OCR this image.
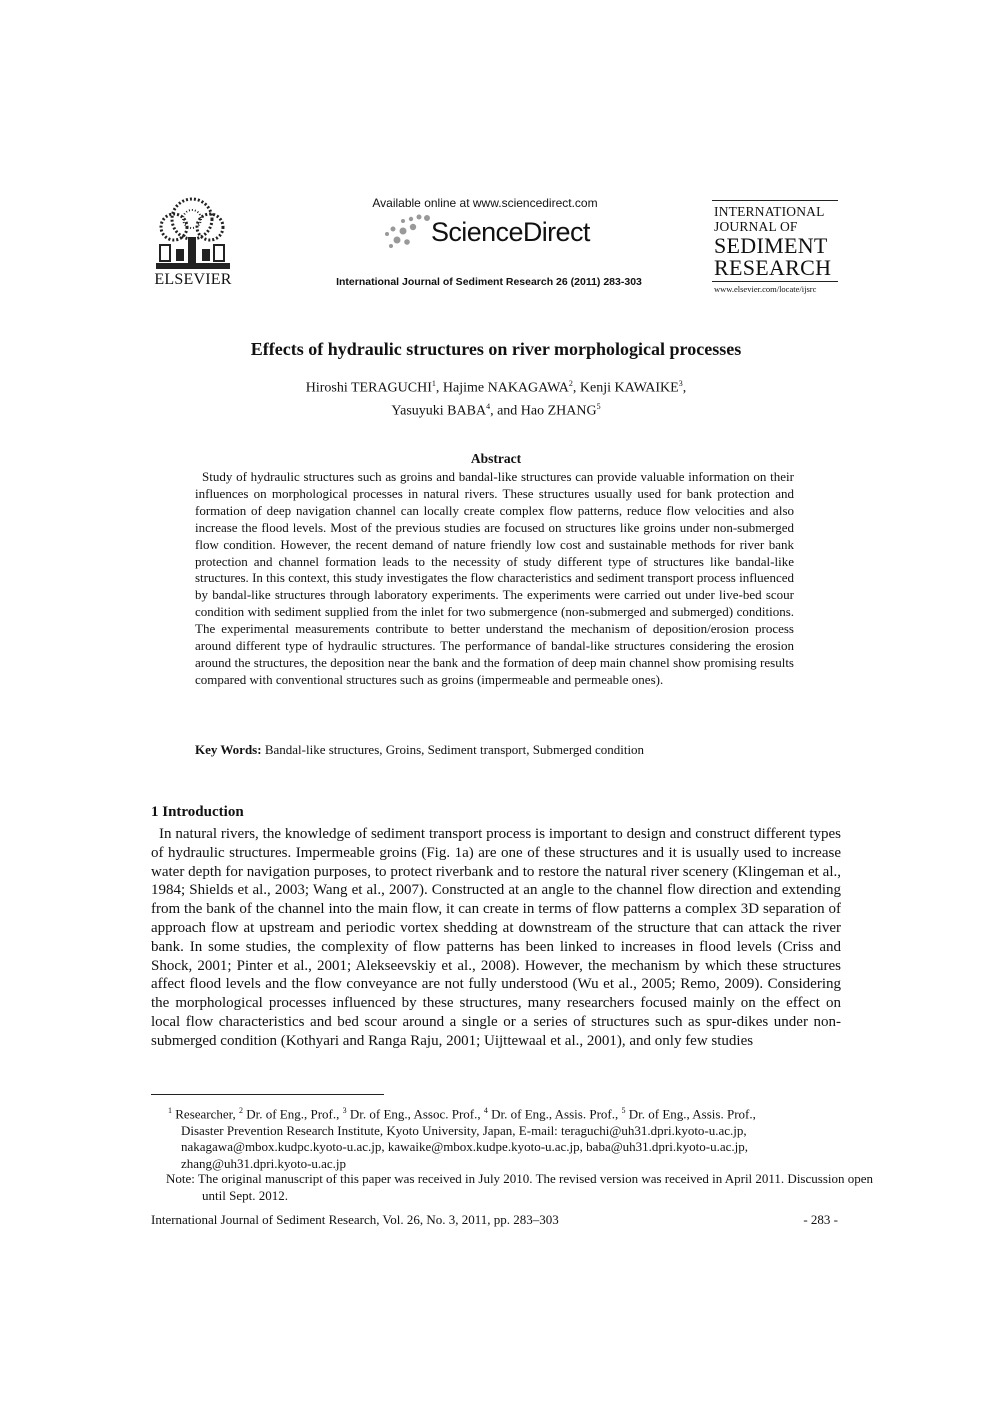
ELSEVIER
Available online at www.sciencedirect.com
ScienceDirect
International Journal of Sediment Research 26 (2011) 283-303
INTERNATIONAL
JOURNAL OF
SEDIMENT
RESEARCH
www.elsevier.com/locate/ijsrc
Effects of hydraulic structures on river morphological processes
Hiroshi TERAGUCHI$^1$, Hajime NAKAGAWA$^2$, Kenji KAWAIKE$^3$,
Yasuyuki BABA$^4$, and Hao ZHANG$^5$
Abstract

Study of hydraulic structures such as groins and bandal-like structures can provide valuable information on their influences on morphological processes in natural rivers. These structures usually used for bank protection and formation of deep navigation channel can locally create complex flow patterns, reduce flow velocities and also increase the flood levels. Most of the previous studies are focused on structures like groins under non-submerged flow condition. However, the recent demand of nature friendly low cost and sustainable methods for river bank protection and channel formation leads to the necessity of study different type of structures like bandal-like structures. In this context, this study investigates the flow characteristics and sediment transport process influenced by bandal-like structures through laboratory experiments. The experiments were carried out under live-bed scour condition with sediment supplied from the inlet for two submergence (non-submerged and submerged) conditions. The experimental measurements contribute to better understand the mechanism of deposition/erosion process around different type of hydraulic structures. The performance of bandal-like structures considering the erosion around the structures, the deposition near the bank and the formation of deep main channel show promising results compared with conventional structures such as groins (impermeable and permeable ones).

Key Words: Bandal-like structures, Groins, Sediment transport, Submerged condition
1 Introduction

In natural rivers, the knowledge of sediment transport process is important to design and construct different types of hydraulic structures. Impermeable groins (Fig. 1a) are one of these structures and it is usually used to increase water depth for navigation purposes, to protect riverbank and to restore the natural river scenery (Klingeman et al., 1984; Shields et al., 2003; Wang et al., 2007). Constructed at an angle to the channel flow direction and extending from the bank of the channel into the main flow, it can create in terms of flow patterns a complex 3D separation of approach flow at upstream and periodic vortex shedding at downstream of the structure that can attack the river bank. In some studies, the complexity of flow patterns has been linked to increases in flood levels (Criss and Shock, 2001; Pinter et al., 2001; Alekseevskiy et al., 2008). However, the mechanism by which these structures affect flood levels and the flow conveyance are not fully understood (Wu et al., 2005; Remo, 2009). Considering the morphological processes influenced by these structures, many researchers focused mainly on the effect on local flow characteristics and bed scour around a single or a series of structures such as spur-dikes under non-submerged condition (Kothyari and Ranga Raju, 2001; Uijttewaal et al., 2001), and only few studies

$^1$ Researcher, $^2$ Dr. of Eng., Prof., $^3$ Dr. of Eng., Assoc. Prof., $^4$ Dr. of Eng., Assis. Prof., $^5$ Dr. of Eng., Assis. Prof.,
Disaster Prevention Research Institute, Kyoto University, Japan, E-mail: teraguchi@uh31.dpri.kyoto-u.ac.jp,
nakagawa@mbox.kudpc.kyoto-u.ac.jp, kawaike@mbox.kudpe.kyoto-u.ac.jp, baba@uh31.dpri.kyoto-u.ac.jp,
zhang@uh31.dpri.kyoto-u.ac.jp

Note: The original manuscript of this paper was received in July 2010. The revised version was received in April 2011. Discussion open until Sept. 2012.

International Journal of Sediment Research, Vol. 26, No. 3, 2011, pp. 283–303	- 283 -
